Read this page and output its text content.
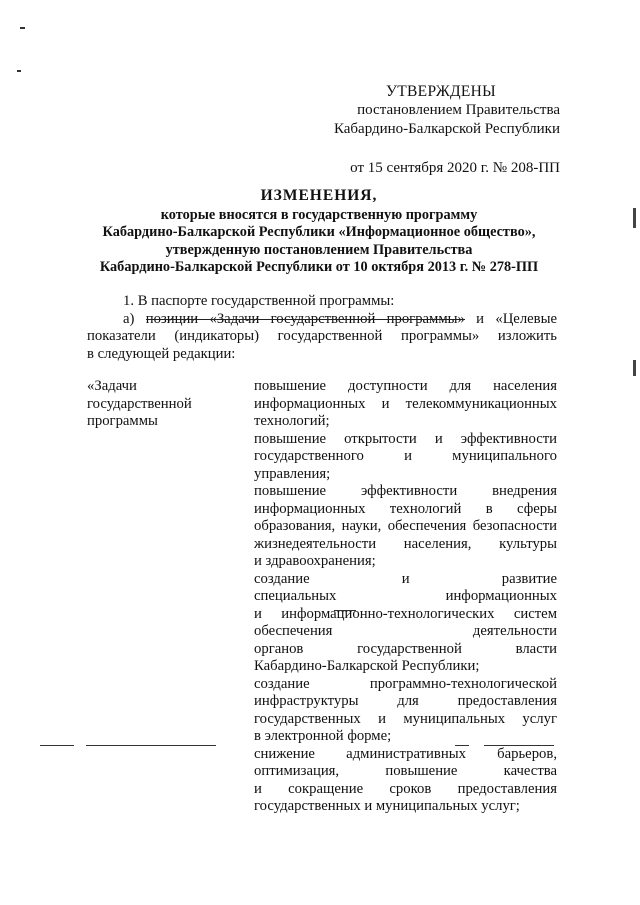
УТВЕРЖДЕНЫ
постановлением Правительства
Кабардино-Балкарской Республики
от 15 сентября 2020 г. № 208-ПП
ИЗМЕНЕНИЯ,
которые вносятся в государственную программу
Кабардино-Балкарской Республики «Информационное общество»,
утвержденную постановлением Правительства
Кабардино-Балкарской Республики от 10 октября 2013 г. № 278-ПП

1. В паспорте государственной программы:

а) позиции «Задачи государственной программы» и «Целевые

показатели (индикаторы) государственной программы» изложить

в следующей редакции:

«Задачи
государственной
программы
повышение доступности для населения
информационных и телекоммуникационных
технологий;
повышение открытости и эффективности
государственного и муниципального
управления;
повышение эффективности внедрения
информационных технологий в сферы
образования, науки, обеспечения безопасности
жизнедеятельности населения, культуры
и здравоохранения;
создание и развитие
специальных информационных
и информационно-технологических систем
обеспечения деятельности
органов государственной власти
Кабардино-Балкарской Республики;
создание программно-технологической
инфраструктуры для предоставления
государственных и муниципальных услуг
в электронной форме;
снижение административных барьеров,
оптимизация, повышение качества
и сокращение сроков предоставления
государственных и муниципальных услуг;
